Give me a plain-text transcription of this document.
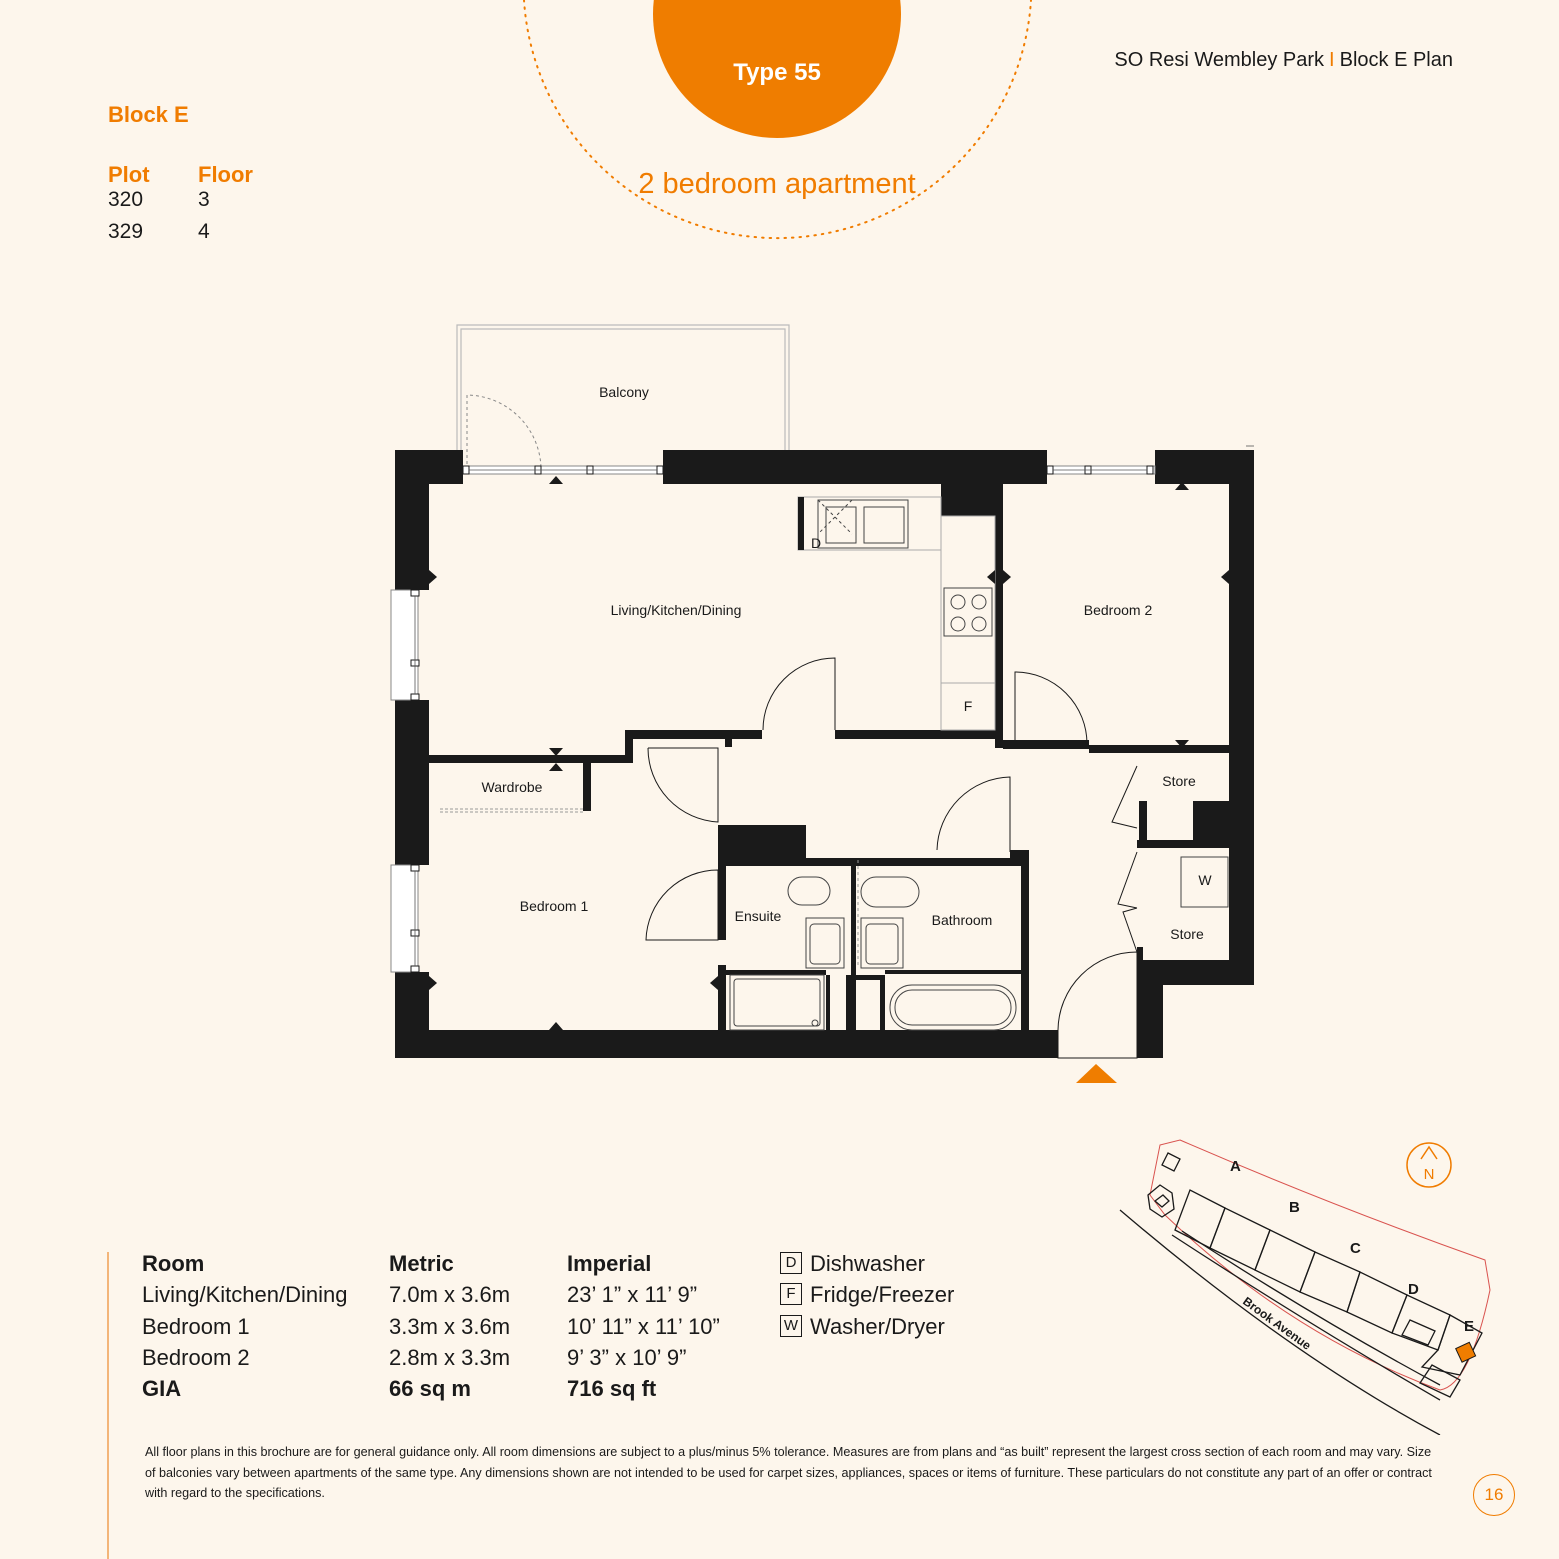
Type 55
2 bedroom apartment
SO Resi Wembley Park I Block E Plan
Block E
Plot Floor
320	3
329	4
Balcony
Living/Kitchen/Dining	Bedroom 2
Wardrobe	Store
Store
Bedroom 1
Ensuite	Bathroom
D
F
W
A
B
C
D
E
Brook Avenue
N
Room	Metric	Imperial
Living/Kitchen/Dining 7.0m x 3.6m	23’ 1” x 11’ 9”
Bedroom 1	3.3m x 3.6m	10’ 11” x 11’ 10”
Bedroom 2	2.8m x 3.3m	9’ 3” x 10’ 9”
GIA	66 sq m	716 sq ft
D Dishwasher
F Fridge/Freezer
W Washer/Dryer
All floor plans in this brochure are for general guidance only. All room dimensions are subject to a plus/minus 5% tolerance. Measures are from plans and “as built” represent the largest cross section of each room and may vary. Size of balconies vary between apartments of the same type. Any dimensions shown are not intended to be used for carpet sizes, appliances, spaces or items of furniture. These particulars do not constitute any part of an offer or contract with regard to the specifications.	16
